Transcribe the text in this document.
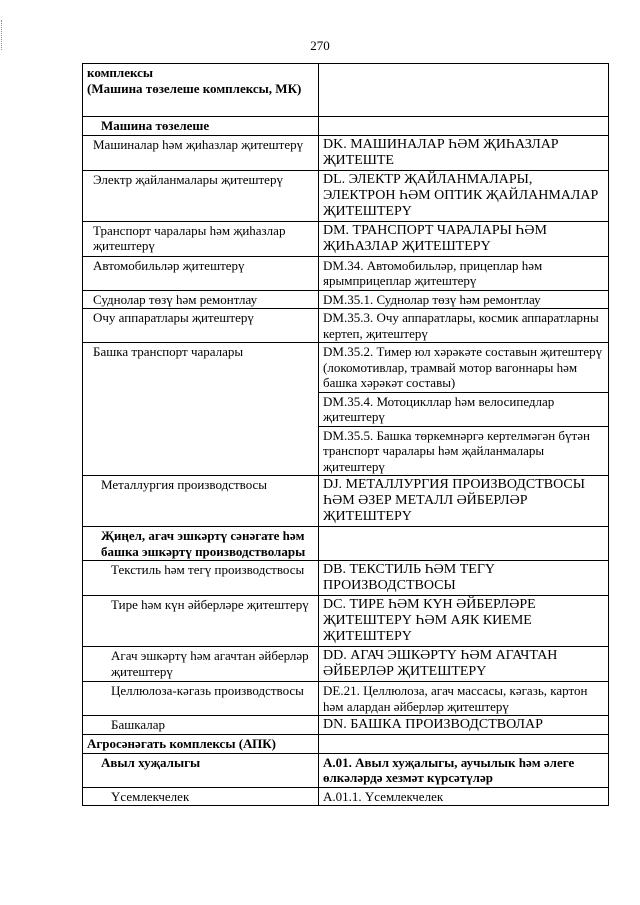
270
комплексы
(Машина төзелеше комплексы, МК)	
Машина төзелеше	
Машиналар һәм җиһазлар җитештерү	DK. МАШИНАЛАР ҺӘМ ҖИҺАЗЛАР ҖИТЕШТЕ
Электр җайланмалары җитештерү	DL. ЭЛЕКТР ҖАЙЛАНМАЛАРЫ, ЭЛЕКТРОН ҺӘМ ОПТИК ҖАЙЛАНМАЛАР ҖИТЕШТЕРҮ
Транспорт чаралары һәм җиһазлар җитештерү	DM. ТРАНСПОРТ ЧАРАЛАРЫ ҺӘМ ҖИҺАЗЛАР ҖИТЕШТЕРҮ
Автомобильләр җитештерү	DM.34. Автомобильләр, прицеплар һәм ярымприцеплар җитештерү
Суднолар төзү һәм ремонтлау	DM.35.1. Суднолар төзү һәм ремонтлау
Очу аппаратлары җитештерү	DM.35.3. Очу аппаратлары, космик аппаратларны кертеп, җитештерү
Башка транспорт чаралары	DM.35.2. Тимер юл хәрәкәте составын җитештерү (локомотивлар, трамвай мотор вагоннары һәм башка хәрәкәт составы)
	DM.35.4. Мотоцикллар һәм велосипедлар җитештерү
	DM.35.5. Башка төркемнәргә кертелмәгән бүтән транспорт чаралары һәм җайланмалары җитештерү
Металлургия производствосы	DJ. МЕТАЛЛУРГИЯ ПРОИЗВОДСТВОСЫ ҺӘМ ӘЗЕР МЕТАЛЛ ӘЙБЕРЛӘР ҖИТЕШТЕРҮ
Җиңел, агач эшкәртү сәнәгате һәм башка эшкәртү производстволары	
Текстиль һәм тегү производствосы	DB. ТЕКСТИЛЬ ҺӘМ ТЕГҮ ПРОИЗВОДСТВОСЫ
Тире һәм күн әйберләре җитештерү	DC. ТИРЕ ҺӘМ КҮН ӘЙБЕРЛӘРЕ ҖИТЕШТЕРҮ ҺӘМ АЯК КИЕМЕ ҖИТЕШТЕРҮ
Агач эшкәртү һәм агачтан әйберләр җитештерү	DD. АГАЧ ЭШКӘРТҮ ҺӘМ АГАЧТАН ӘЙБЕРЛӘР ҖИТЕШТЕРҮ
Целлюлоза-кәгазь производствосы	DE.21. Целлюлоза, агач массасы, кәгазь, картон һәм алардан әйберләр җитештерү
Башкалар	DN. БАШКА ПРОИЗВОДСТВОЛАР
Агросәнәгать комплексы (АПК)	
Авыл хуҗалыгы	А.01. Авыл хуҗалыгы, аучылык һәм әлеге өлкәләрдә хезмәт күрсәтүләр
Үсемлекчелек	А.01.1. Үсемлекчелек
